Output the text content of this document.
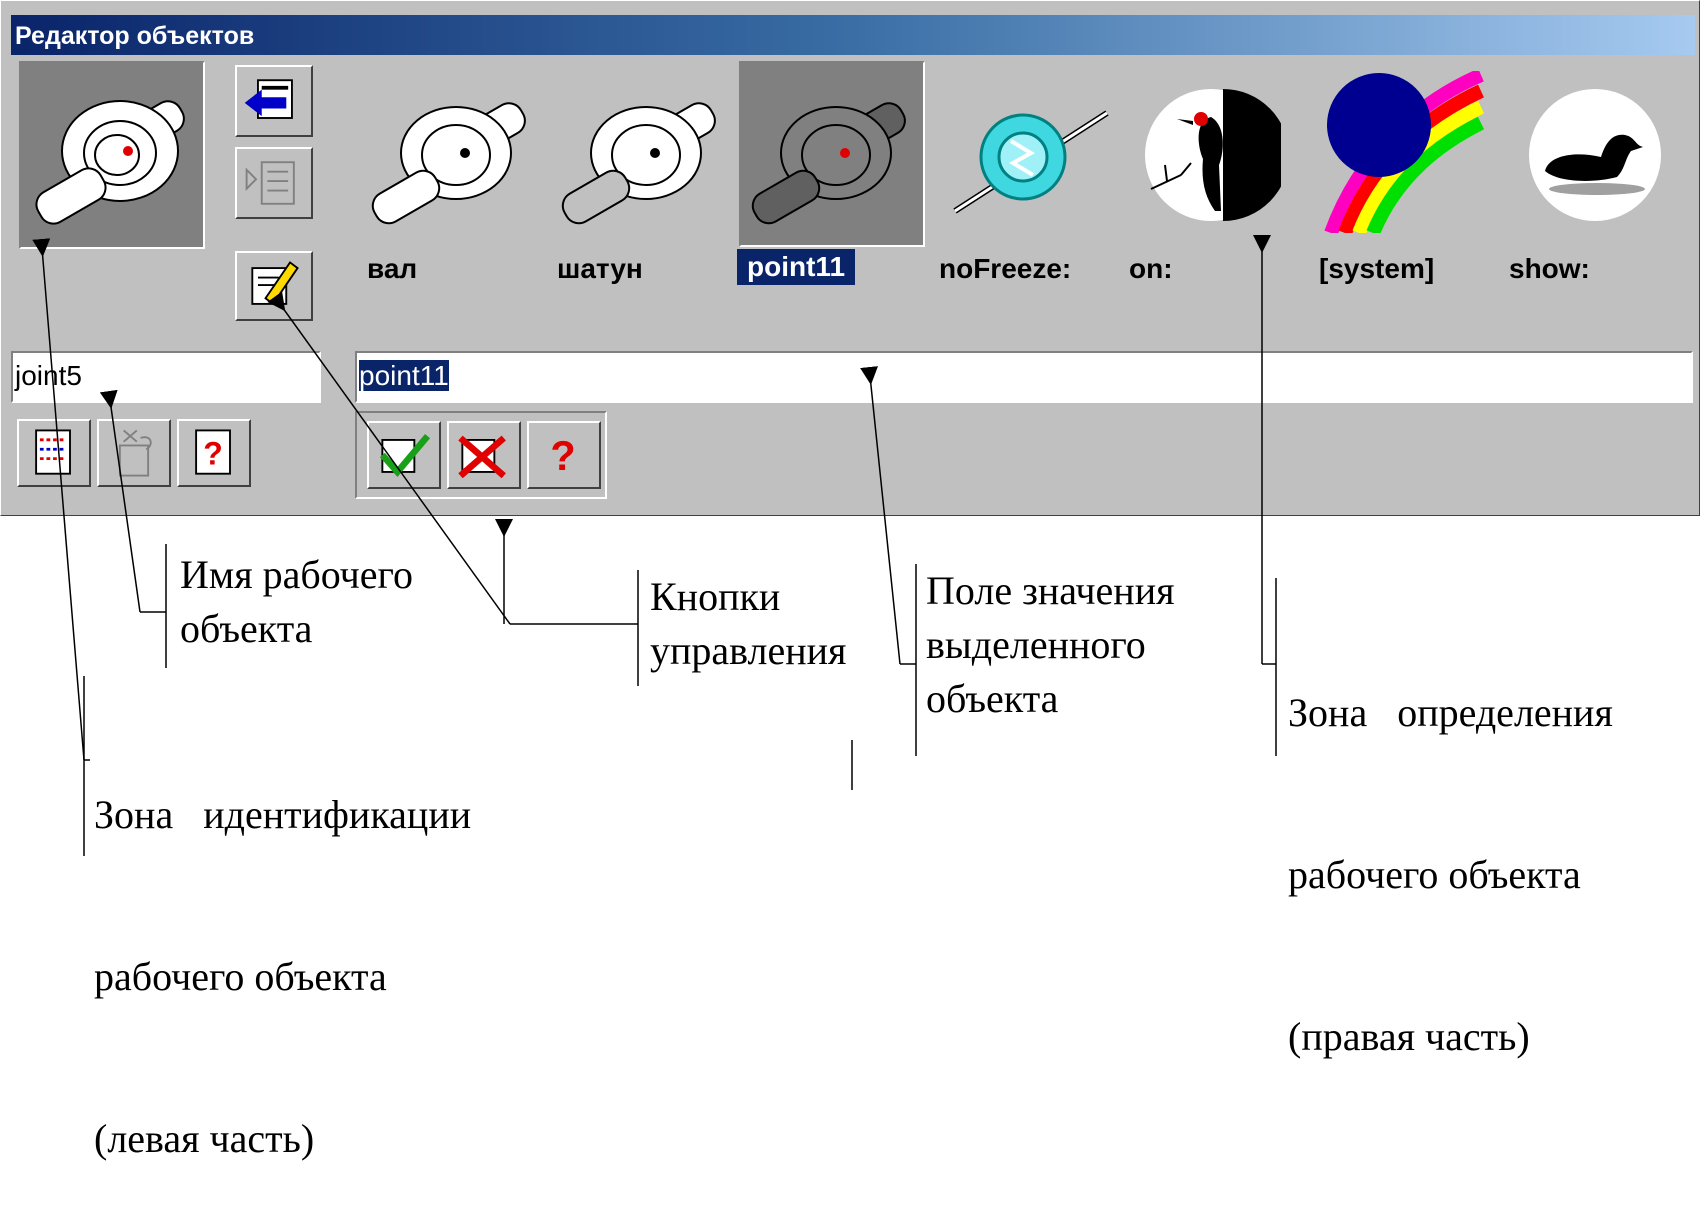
Редактор объектов
вал	шатун	point11	noFreeze: on:	[system]	show:
joint5	point11
?	?
Имя рабочего
объекта
Кнопки
управления
Поле значения
выделенного
объекта

	Зона   определения

рабочего объекта

(правая часть)

Зона   идентификации

рабочего объекта

(левая часть)
